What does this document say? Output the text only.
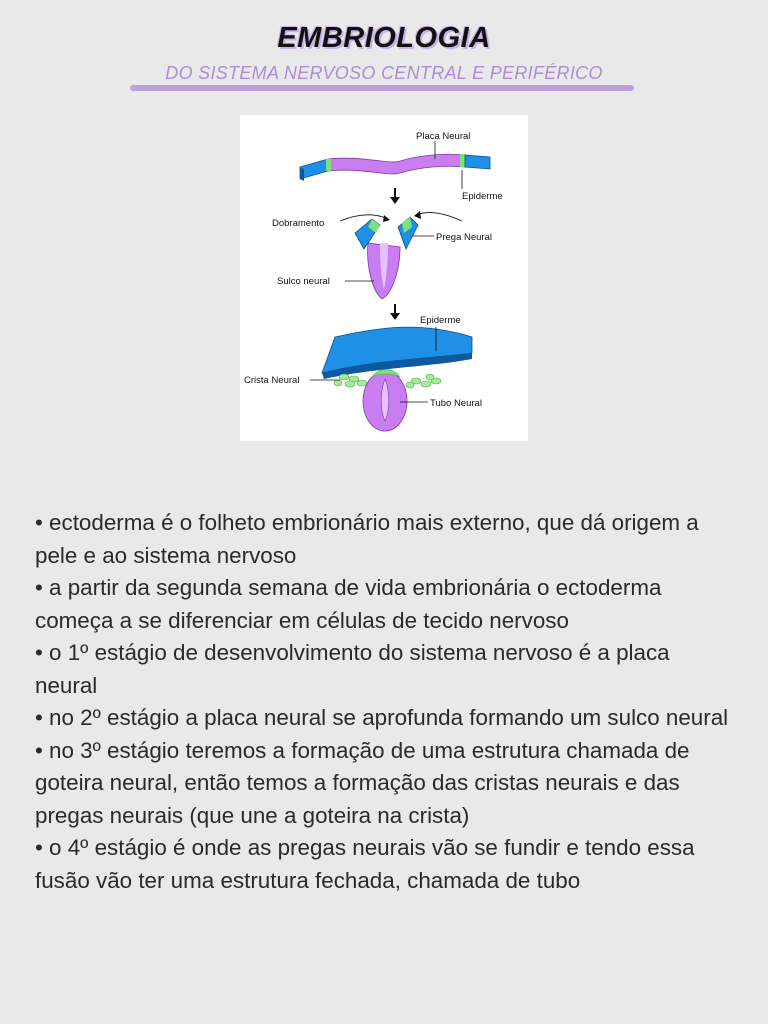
EMBRIOLOGIA
DO SISTEMA NERVOSO CENTRAL E PERIFÉRICO
Placa Neural
Epiderme
Dobramento
Prega Neural
Sulco neural
Epiderme
Crista Neural
Tubo Neural

• ectoderma é o folheto embrionário mais externo, que dá origem a pele e ao sistema nervoso

• a partir da segunda semana de vida embrionária o ectoderma começa a se diferenciar em células de tecido nervoso

• o 1º estágio de desenvolvimento do sistema nervoso é a placa neural

• no 2º estágio a placa neural se aprofunda formando um sulco neural

• no 3º estágio teremos a formação de uma estrutura chamada de goteira neural, então temos a formação das cristas neurais e das pregas neurais (que une a goteira na crista)

• o 4º estágio é onde as pregas neurais vão se fundir e tendo essa fusão vão ter uma estrutura fechada, chamada de tubo
